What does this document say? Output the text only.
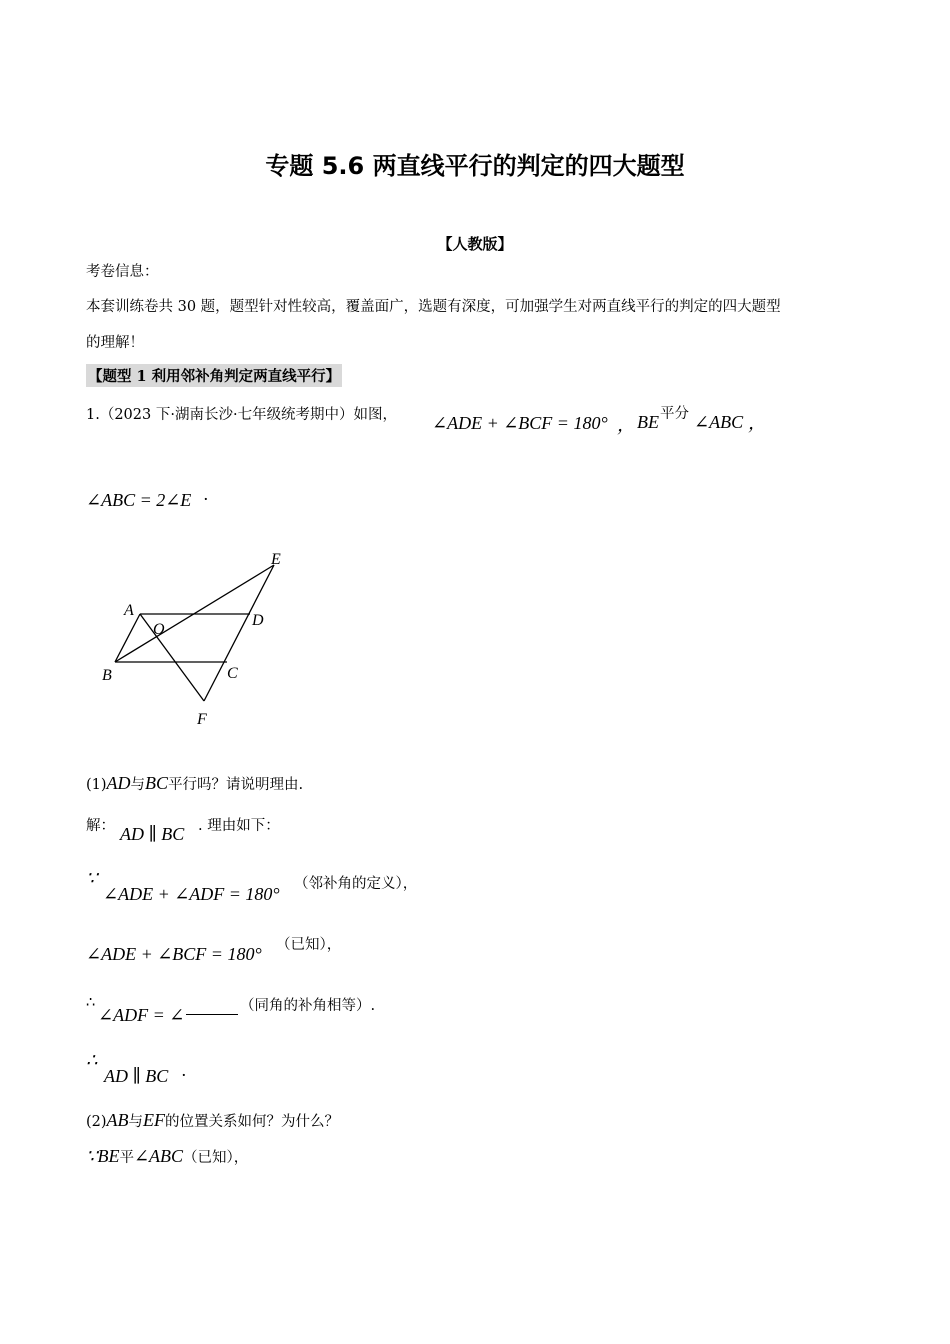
专题 5.6 两直线平行的判定的四大题型
【人教版】
考卷信息：
本套训练卷共 30 题，题型针对性较高，覆盖面广，选题有深度，可加强学生对两直线平行的判定的四大题型
的理解！
【题型 1 利用邻补角判定两直线平行】
1.（2023 下·湖南长沙·七年级统考期中）如图， ∠ADE + ∠BCF = 180° ， BE 平分 ∠ABC ，
∠ABC = 2∠E .
E
A
O
D
B	C
F
(1)AD与BC平行吗？请说明理由.
解： AD ∥ BC . 理由如下：
∵
∠ADE + ∠ADF = 180° （邻补角的定义），
∠ADE + ∠BCF = 180° （已知），
∴
∠ADF = ∠	（同角的补角相等）.
∴
AD ∥ BC .
(2)AB与EF的位置关系如何？为什么？
∵BE平∠ABC（已知），
